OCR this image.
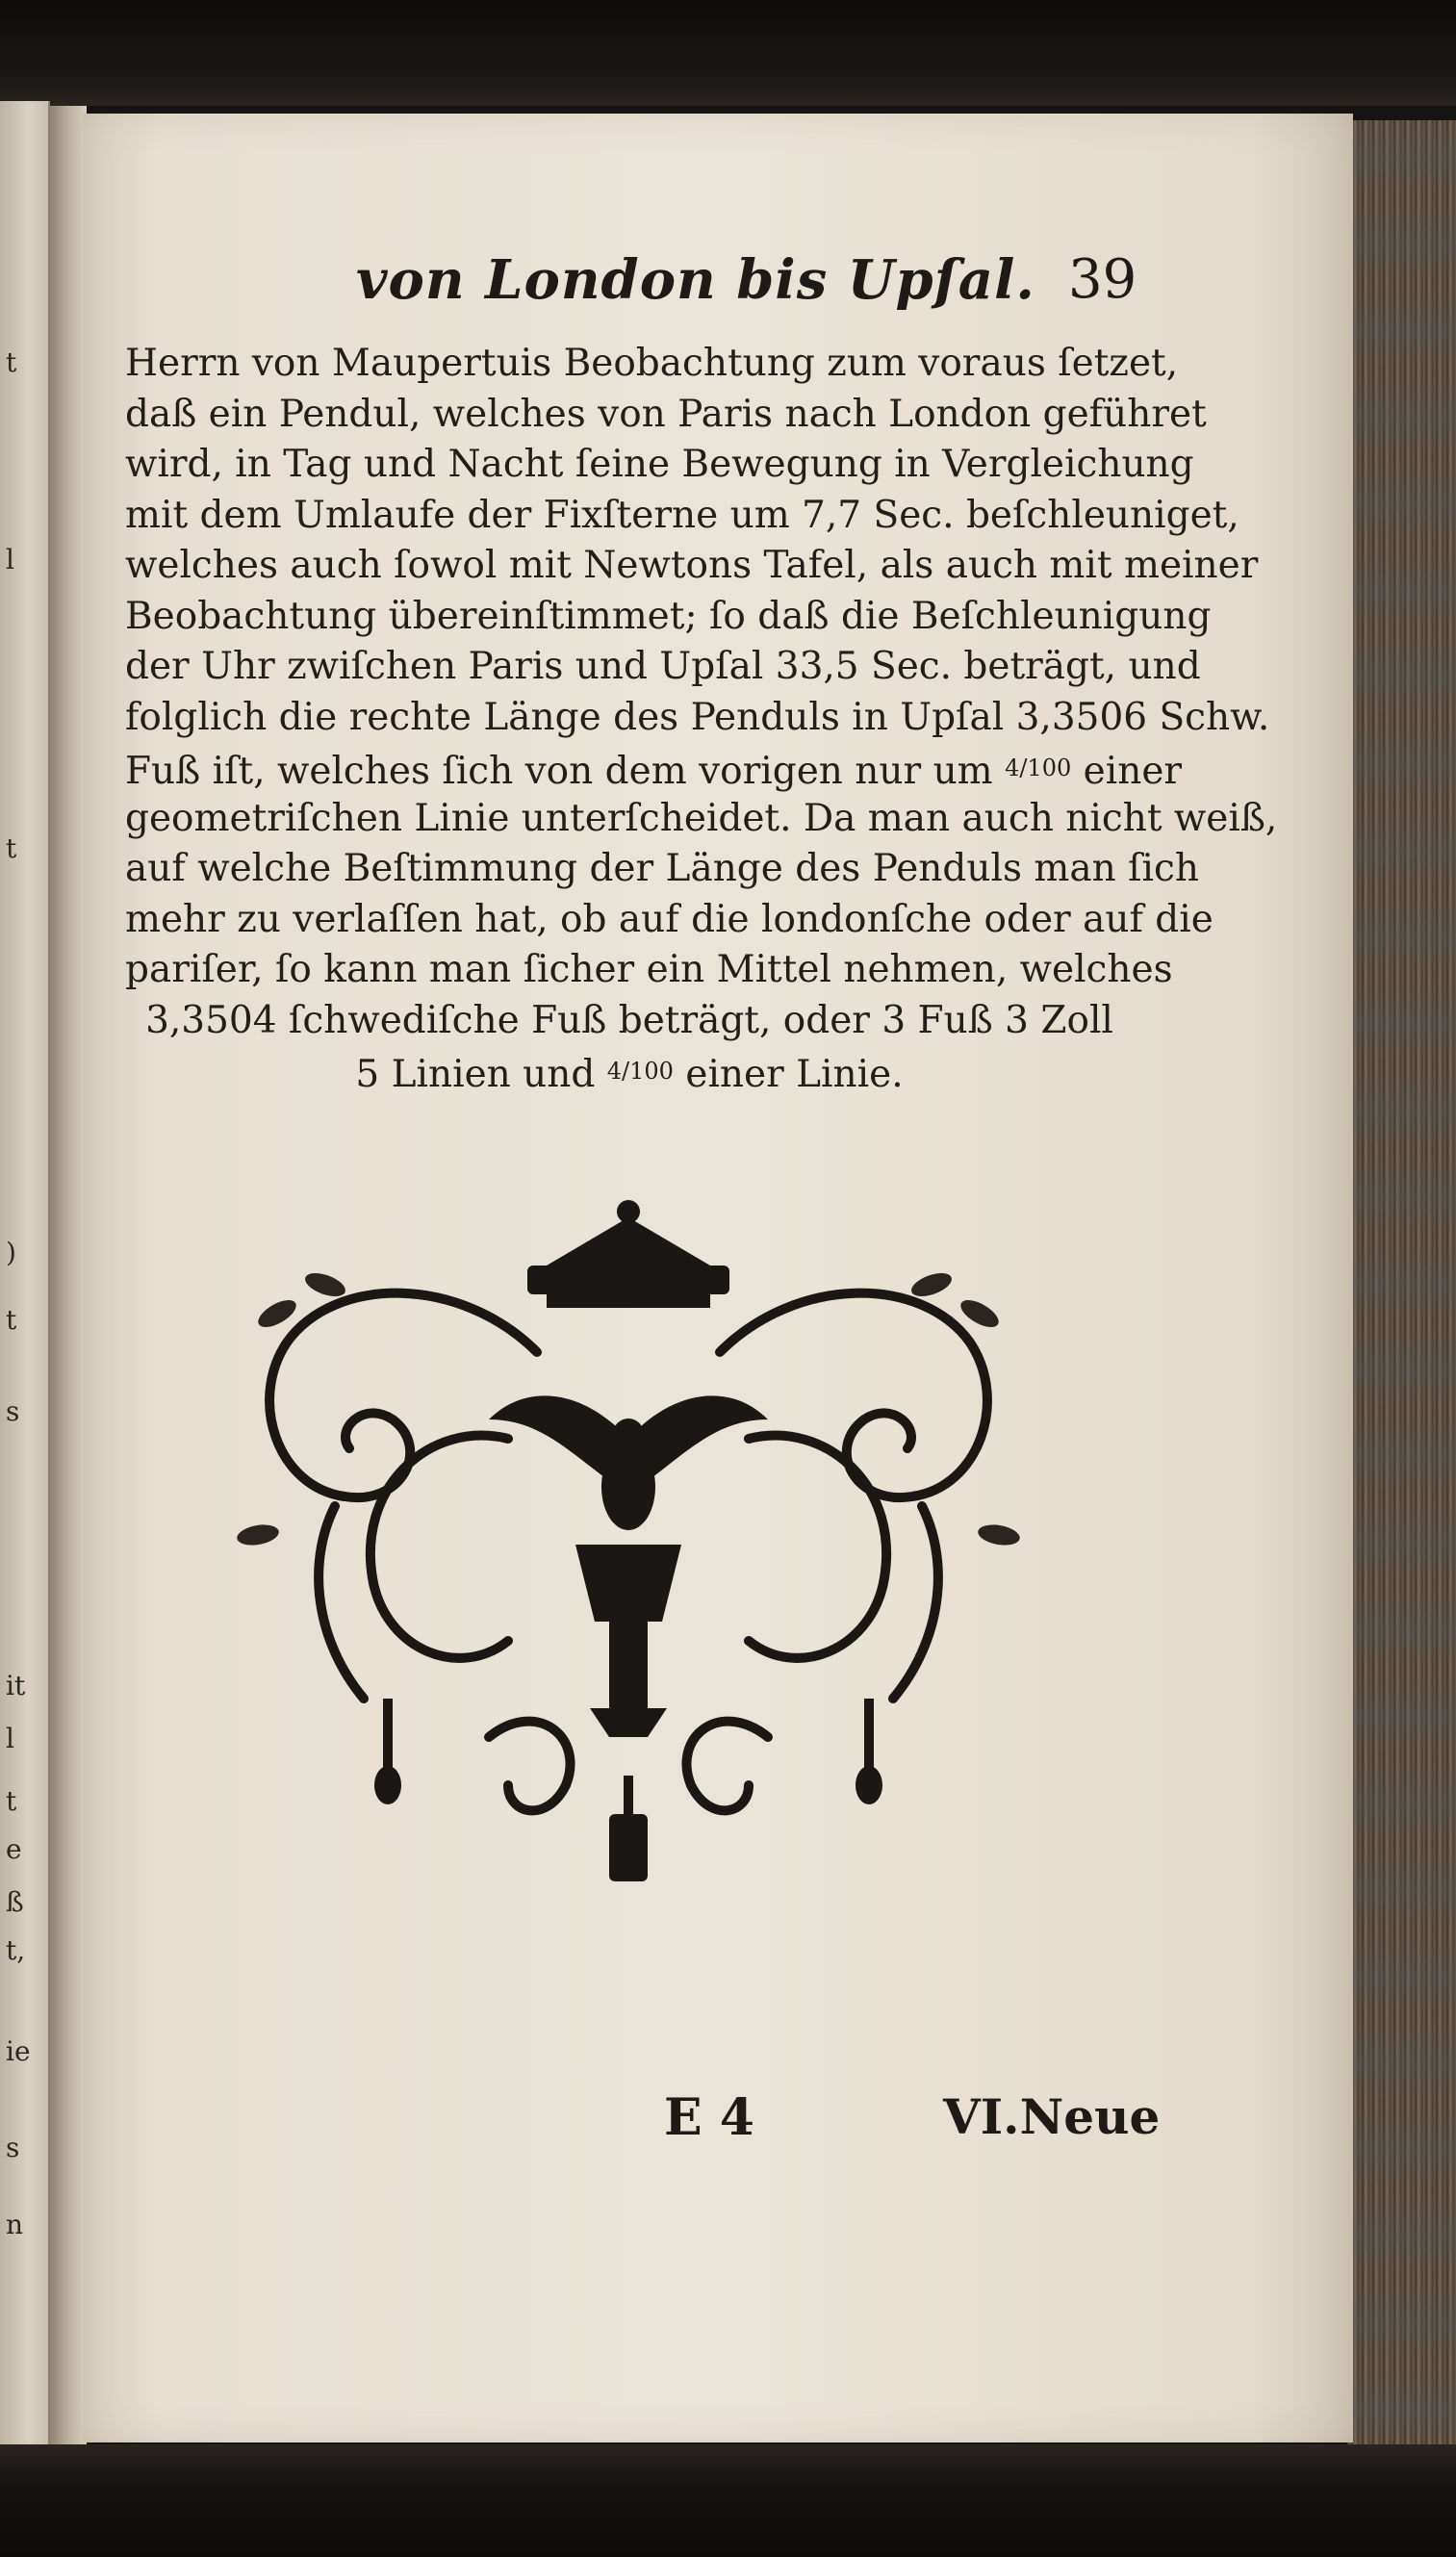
t
l
t
)
t
s
it
l
t
e
ß
t,
ie
s
n
von London bis Upſal. 39
Herrn von Maupertuis Beobachtung zum voraus ſetzet,
daß ein Pendul, welches von Paris nach London geführet
wird, in Tag und Nacht ſeine Bewegung in Vergleichung
mit dem Umlaufe der Fixſterne um 7,7 Sec. beſchleuniget,
welches auch ſowol mit Newtons Tafel, als auch mit meiner
Beobachtung übereinſtimmet; ſo daß die Beſchleunigung
der Uhr zwiſchen Paris und Upſal 33,5 Sec. beträgt, und
folglich die rechte Länge des Penduls in Upſal 3,3506 Schw.
Fuß iſt, welches ſich von dem vorigen nur um $^{4/100}$ einer
geometriſchen Linie unterſcheidet. Da man auch nicht weiß,
auf welche Beſtimmung der Länge des Penduls man ſich
mehr zu verlaſſen hat, ob auf die londonſche oder auf die
pariſer, ſo kann man ſicher ein Mittel nehmen, welches
3,3504 ſchwediſche Fuß beträgt, oder 3 Fuß 3 Zoll
5 Linien und $^{4/100}$ einer Linie.
E 4	VI.Neue
